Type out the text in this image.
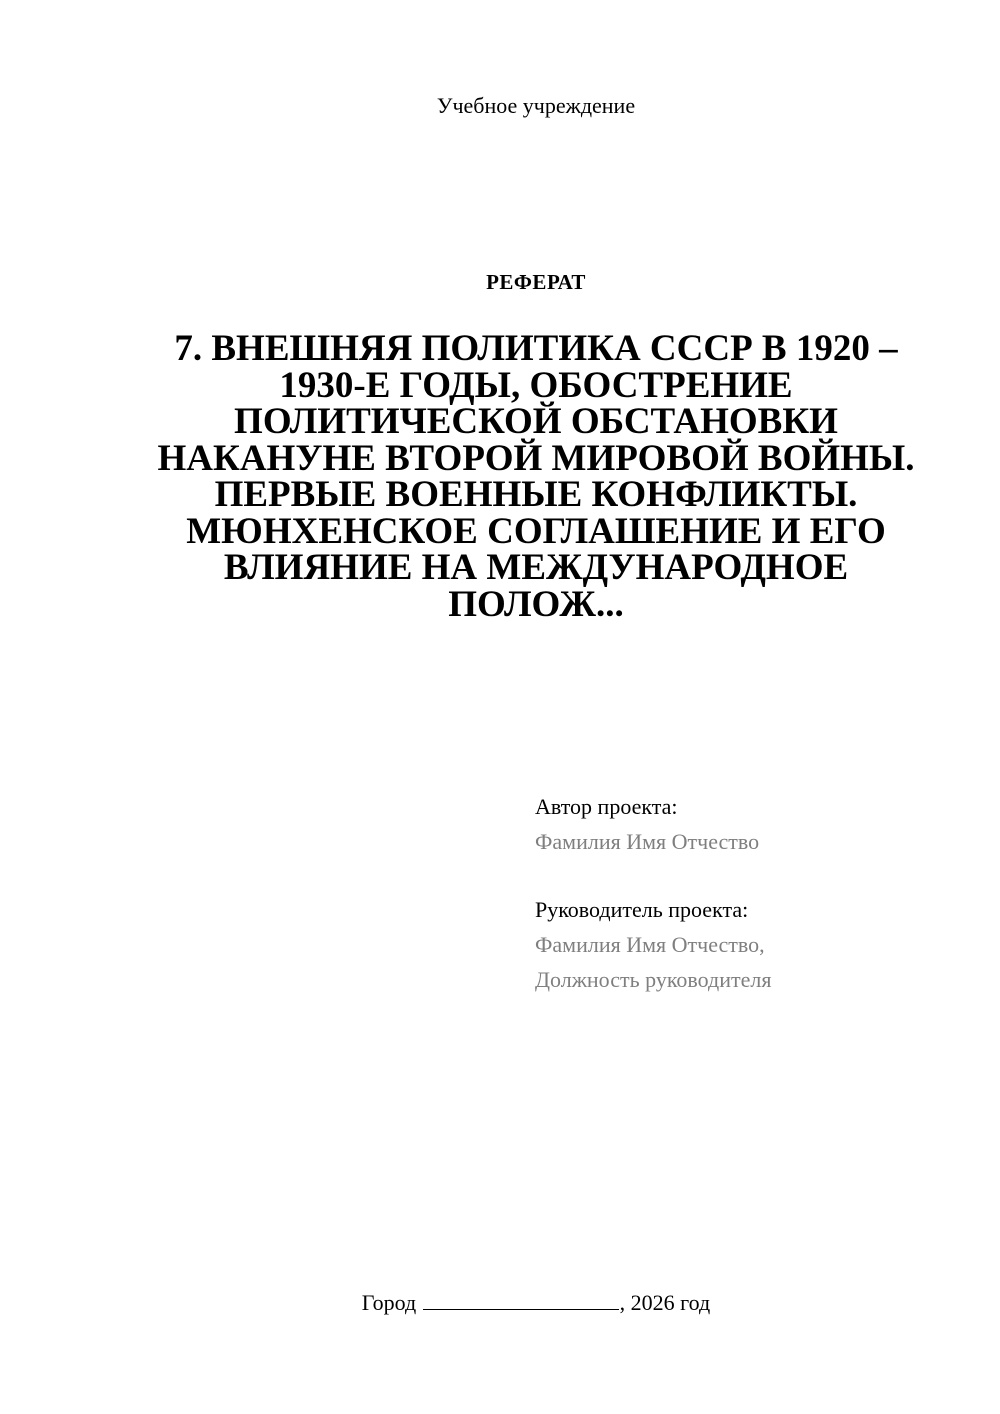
Учебное учреждение
РЕФЕРАТ
7. ВНЕШНЯЯ ПОЛИТИКА СССР В 1920 – 1930-Е ГОДЫ, ОБОСТРЕНИЕ ПОЛИТИЧЕСКОЙ ОБСТАНОВКИ НАКАНУНЕ ВТОРОЙ МИРОВОЙ ВОЙНЫ. ПЕРВЫЕ ВОЕННЫЕ КОНФЛИКТЫ. МЮНХЕНСКОЕ СОГЛАШЕНИЕ И ЕГО ВЛИЯНИЕ НА МЕЖДУНАРОДНОЕ ПОЛОЖ...
Автор проекта:
Фамилия Имя Отчество
Руководитель проекта:
Фамилия Имя Отчество,
Должность руководителя
Город	, 2026 год
